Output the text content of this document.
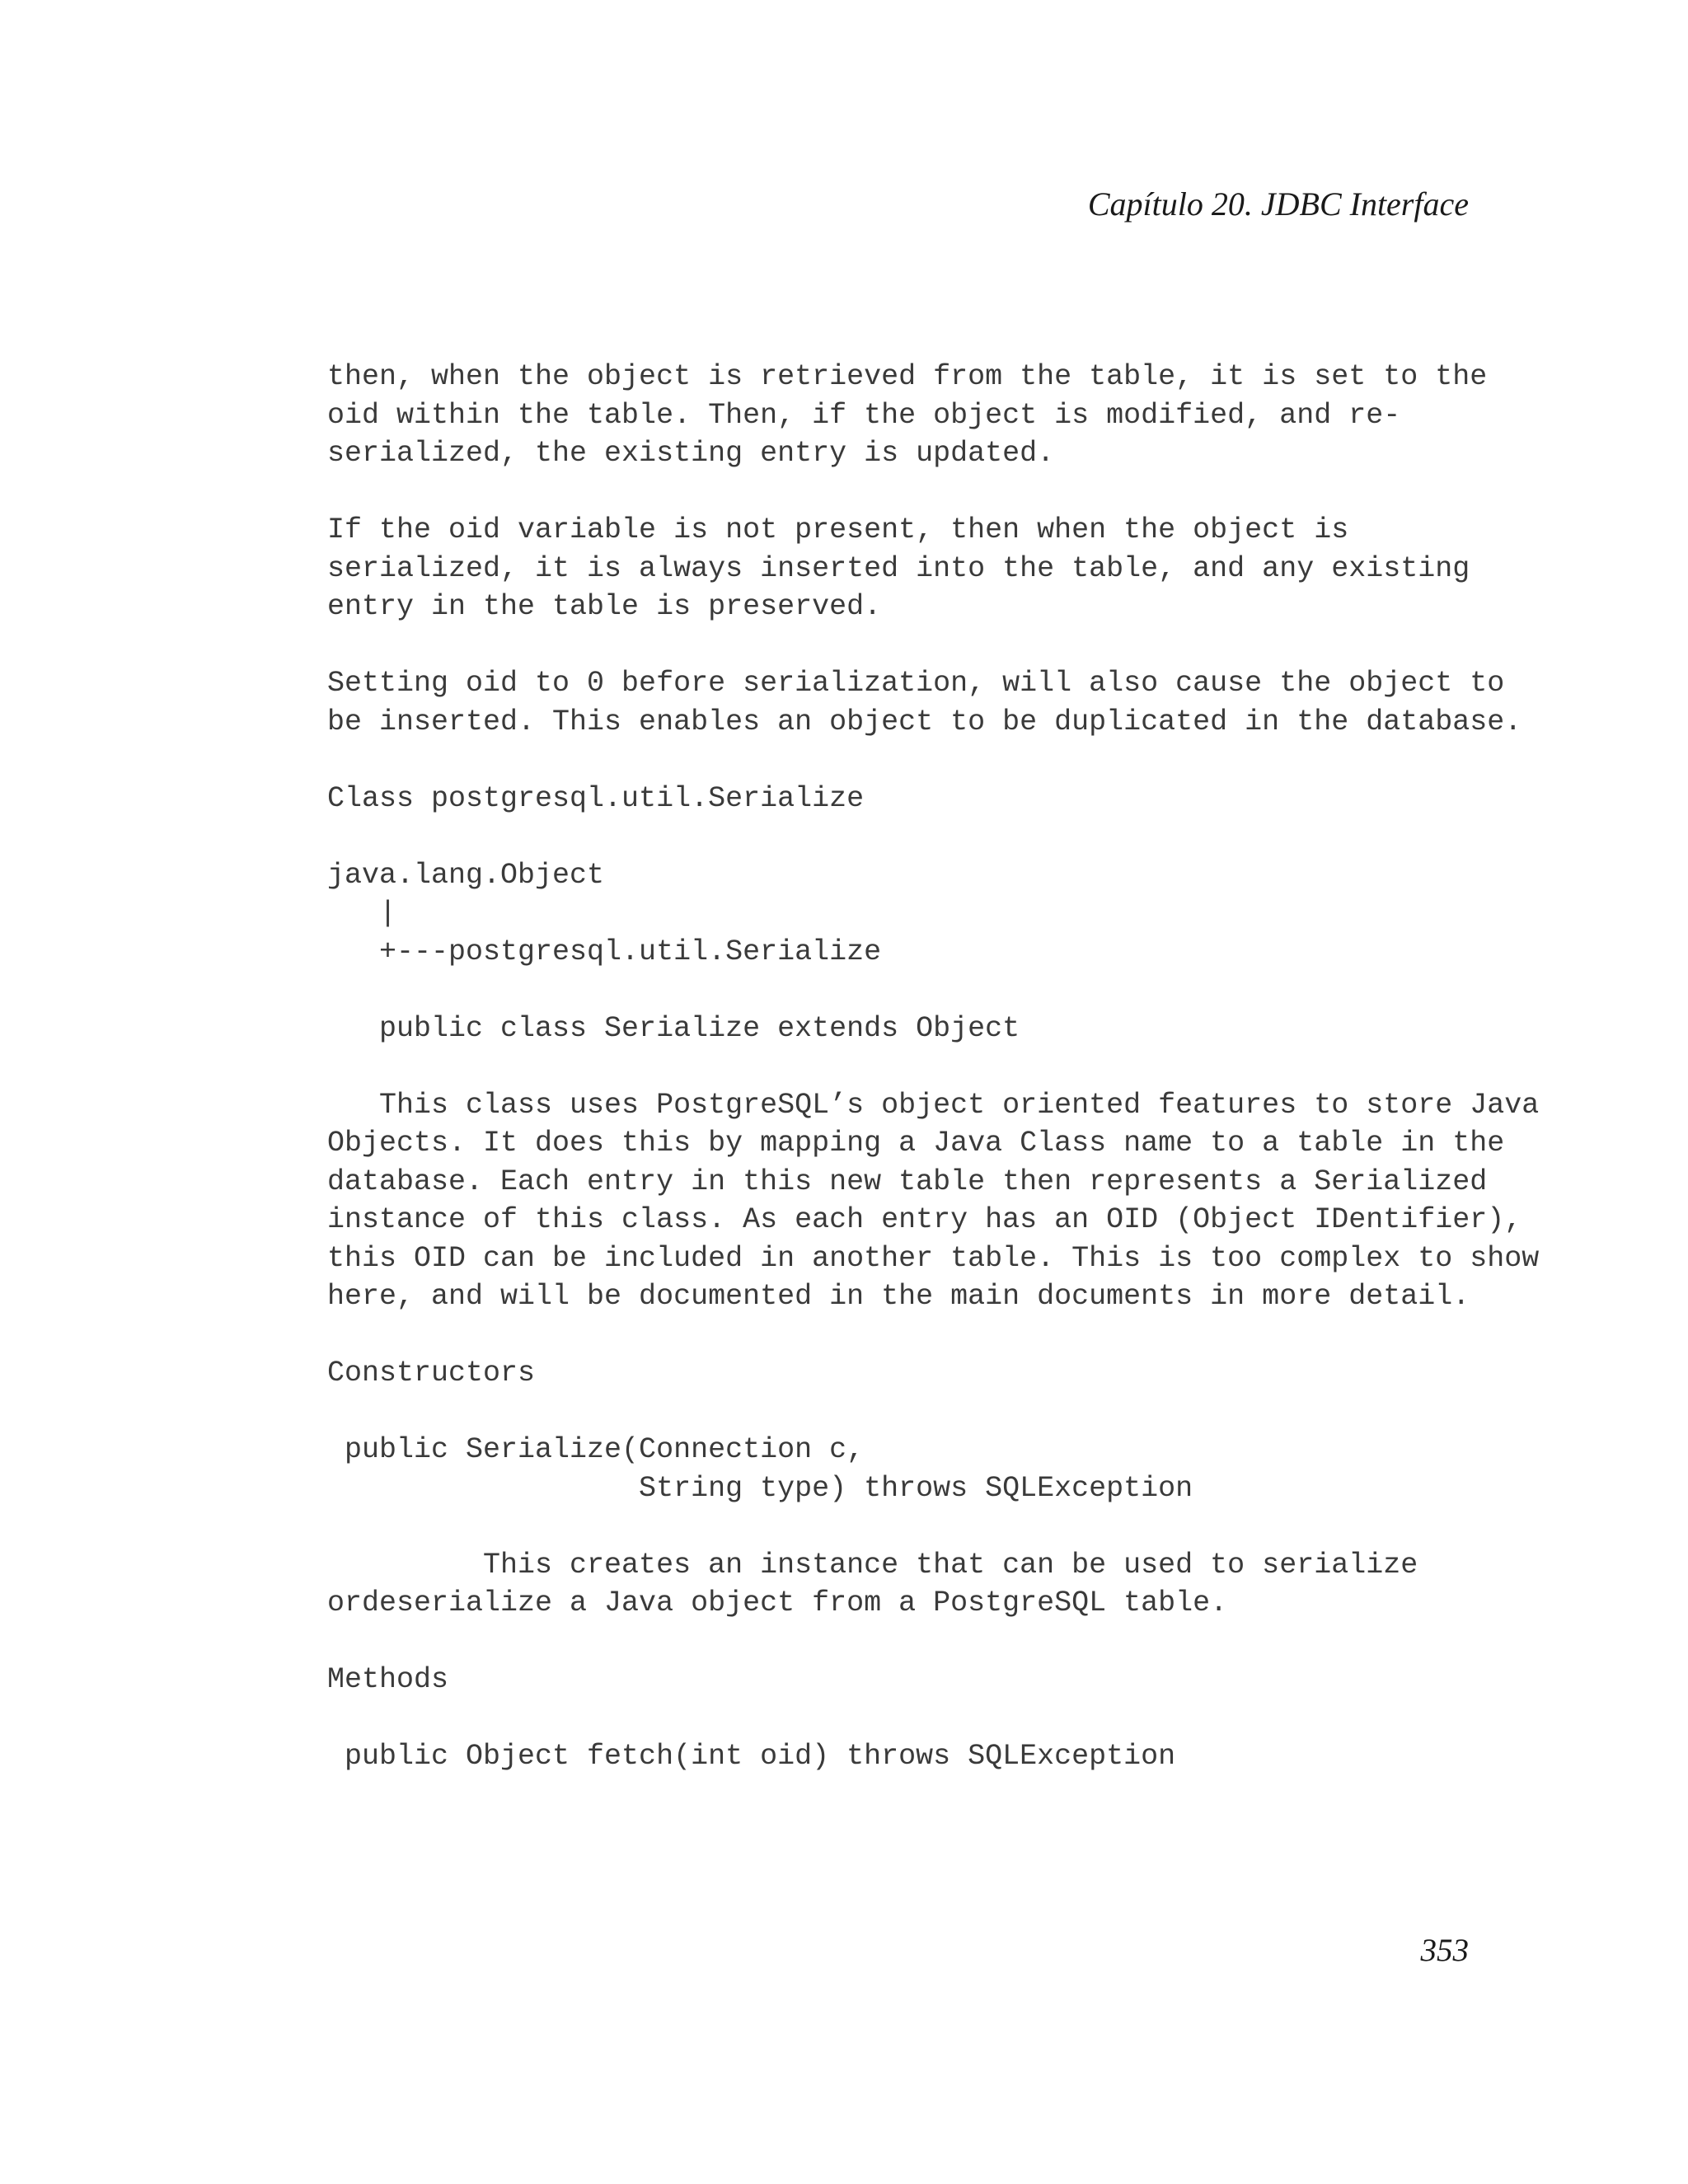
Capítulo 20. JDBC Interface
then, when the object is retrieved from the table, it is set to the
oid within the table. Then, if the object is modified, and re-
serialized, the existing entry is updated.
If the oid variable is not present, then when the object is
serialized, it is always inserted into the table, and any existing
entry in the table is preserved.
Setting oid to 0 before serialization, will also cause the object to
be inserted. This enables an object to be duplicated in the database.
Class postgresql.util.Serialize
java.lang.Object
|
+---postgresql.util.Serialize
public class Serialize extends Object
This class uses PostgreSQL’s object oriented features to store Java
Objects. It does this by mapping a Java Class name to a table in the
database. Each entry in this new table then represents a Serialized
instance of this class. As each entry has an OID (Object IDentifier),
this OID can be included in another table. This is too complex to show
here, and will be documented in the main documents in more detail.
Constructors
public Serialize(Connection c,
String type) throws SQLException
This creates an instance that can be used to serialize
ordeserialize a Java object from a PostgreSQL table.
Methods
public Object fetch(int oid) throws SQLException
353
